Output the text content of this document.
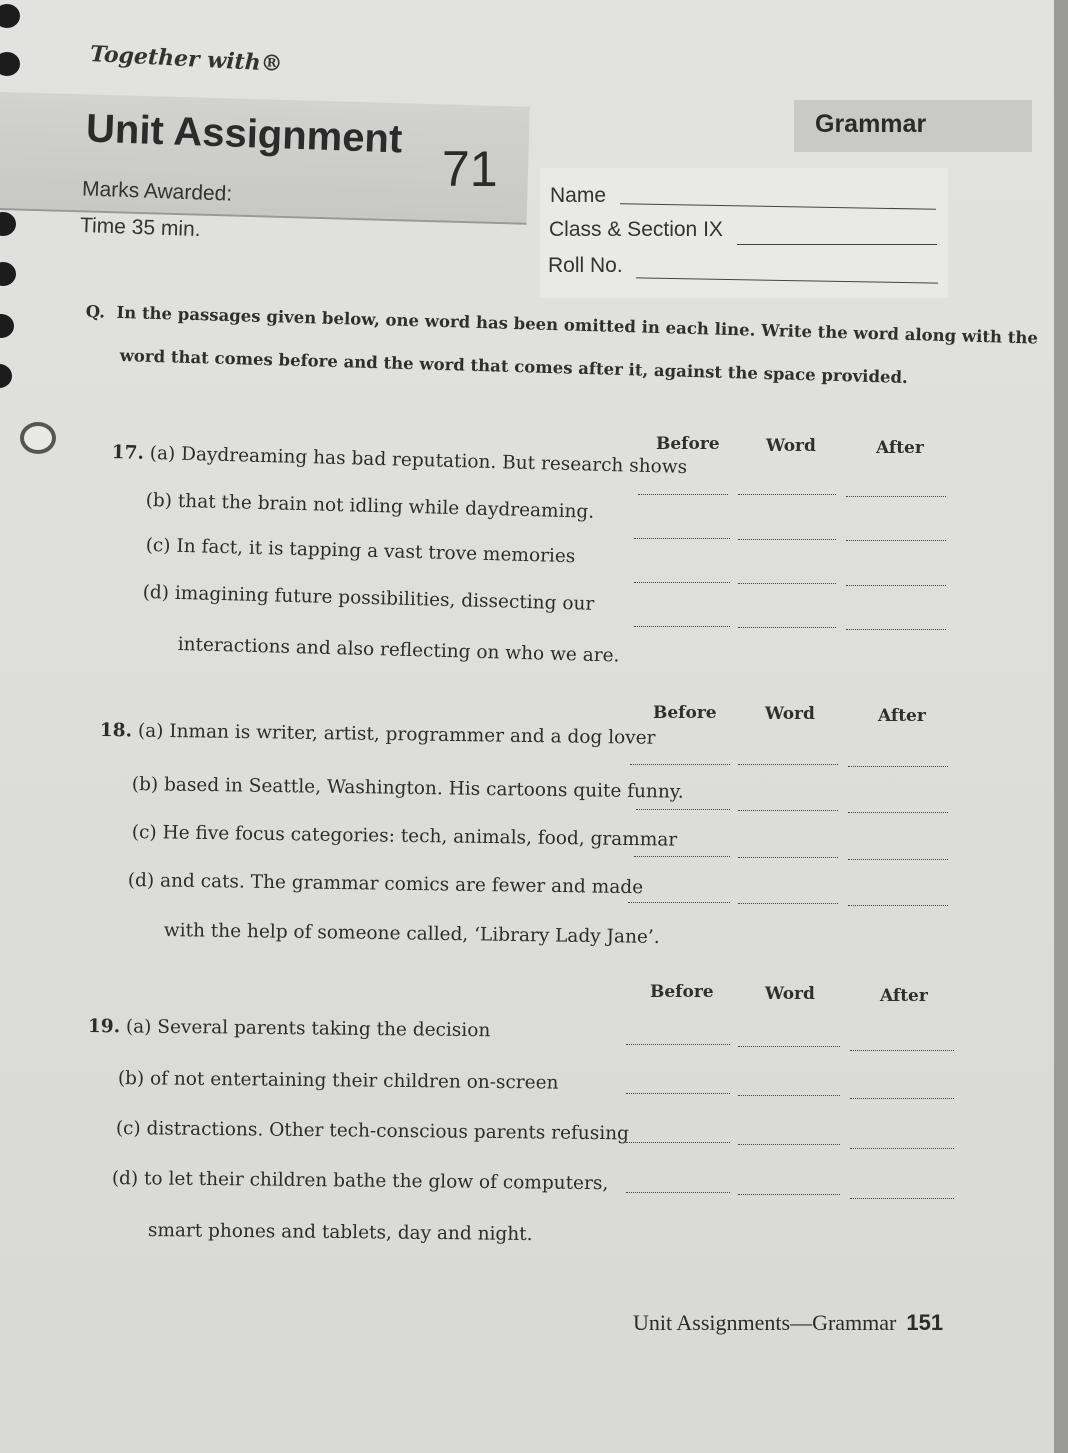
Together with®
Unit Assignment
71
Grammar
Marks Awarded:
Time 35 min.
Name
Class & Section IX
Roll No.
Q. In the passages given below, one word has been omitted in each line. Write the word along with the
word that comes before and the word that comes after it, against the space provided.
Before	Word	After
17. (a) Daydreaming has bad reputation. But research shows
(b) that the brain not idling while daydreaming.
(c) In fact, it is tapping a vast trove memories
(d) imagining future possibilities, dissecting our
interactions and also reflecting on who we are.
Before	Word	After
18. (a) Inman is writer, artist, programmer and a dog lover
(b) based in Seattle, Washington. His cartoons quite funny.
(c) He five focus categories: tech, animals, food, grammar
(d) and cats. The grammar comics are fewer and made
with the help of someone called, ‘Library Lady Jane’.
Before	Word	After
19. (a) Several parents taking the decision
(b) of not entertaining their children on-screen
(c) distractions. Other tech-conscious parents refusing
(d) to let their children bathe the glow of computers,
smart phones and tablets, day and night.
Unit Assignments—Grammar 151
